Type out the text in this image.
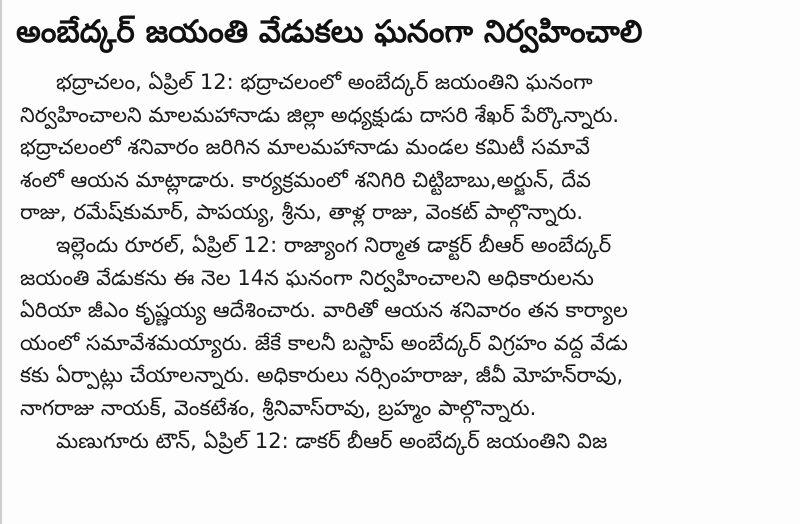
అంబేద్కర్ జయంతి వేడుకలు ఘనంగా నిర్వహించాలి

భద్రాచలం, ఏప్రిల్ 12: భద్రాచలంలో అంబేద్కర్ జయంతిని ఘనంగా
నిర్వహించాలని మాలమహానాడు జిల్లా అధ్యక్షుడు దాసరి శేఖర్ పేర్కొన్నారు.
భద్రాచలంలో శనివారం జరిగిన మాలమహానాడు మండల కమిటీ సమావే
శంలో ఆయన మాట్లాడారు. కార్యక్రమంలో శనిగిరి చిట్టిబాబు,అర్జున్, దేవ
రాజు, రమేష్‌కుమార్, పాపయ్య, శ్రీను, తాళ్ల రాజు, వెంకట్ పాల్గొన్నారు.

ఇల్లెందు రూరల్, ఏప్రిల్ 12: రాజ్యాంగ నిర్మాత డాక్టర్ బీఆర్ అంబేద్కర్
జయంతి వేడుకను ఈ నెల 14న ఘనంగా నిర్వహించాలని అధికారులను
ఏరియా జీఎం కృష్ణయ్య ఆదేశించారు. వారితో ఆయన శనివారం తన కార్యాల
యంలో సమావేశమయ్యారు. జేకే కాలనీ బస్టాప్ అంబేద్కర్ విగ్రహం వద్ద వేడు
కకు ఏర్పాట్లు చేయాలన్నారు. అధికారులు నర్సింహరాజు, జీవీ మోహన్‌రావు,
నాగరాజు నాయక్, వెంకటేశం, శ్రీనివాస్‌రావు, బ్రహ్మం పాల్గొన్నారు.

మణుగూరు టౌన్, ఏప్రిల్ 12: డాకర్ బీఆర్ అంబేద్కర్ జయంతిని విజ
